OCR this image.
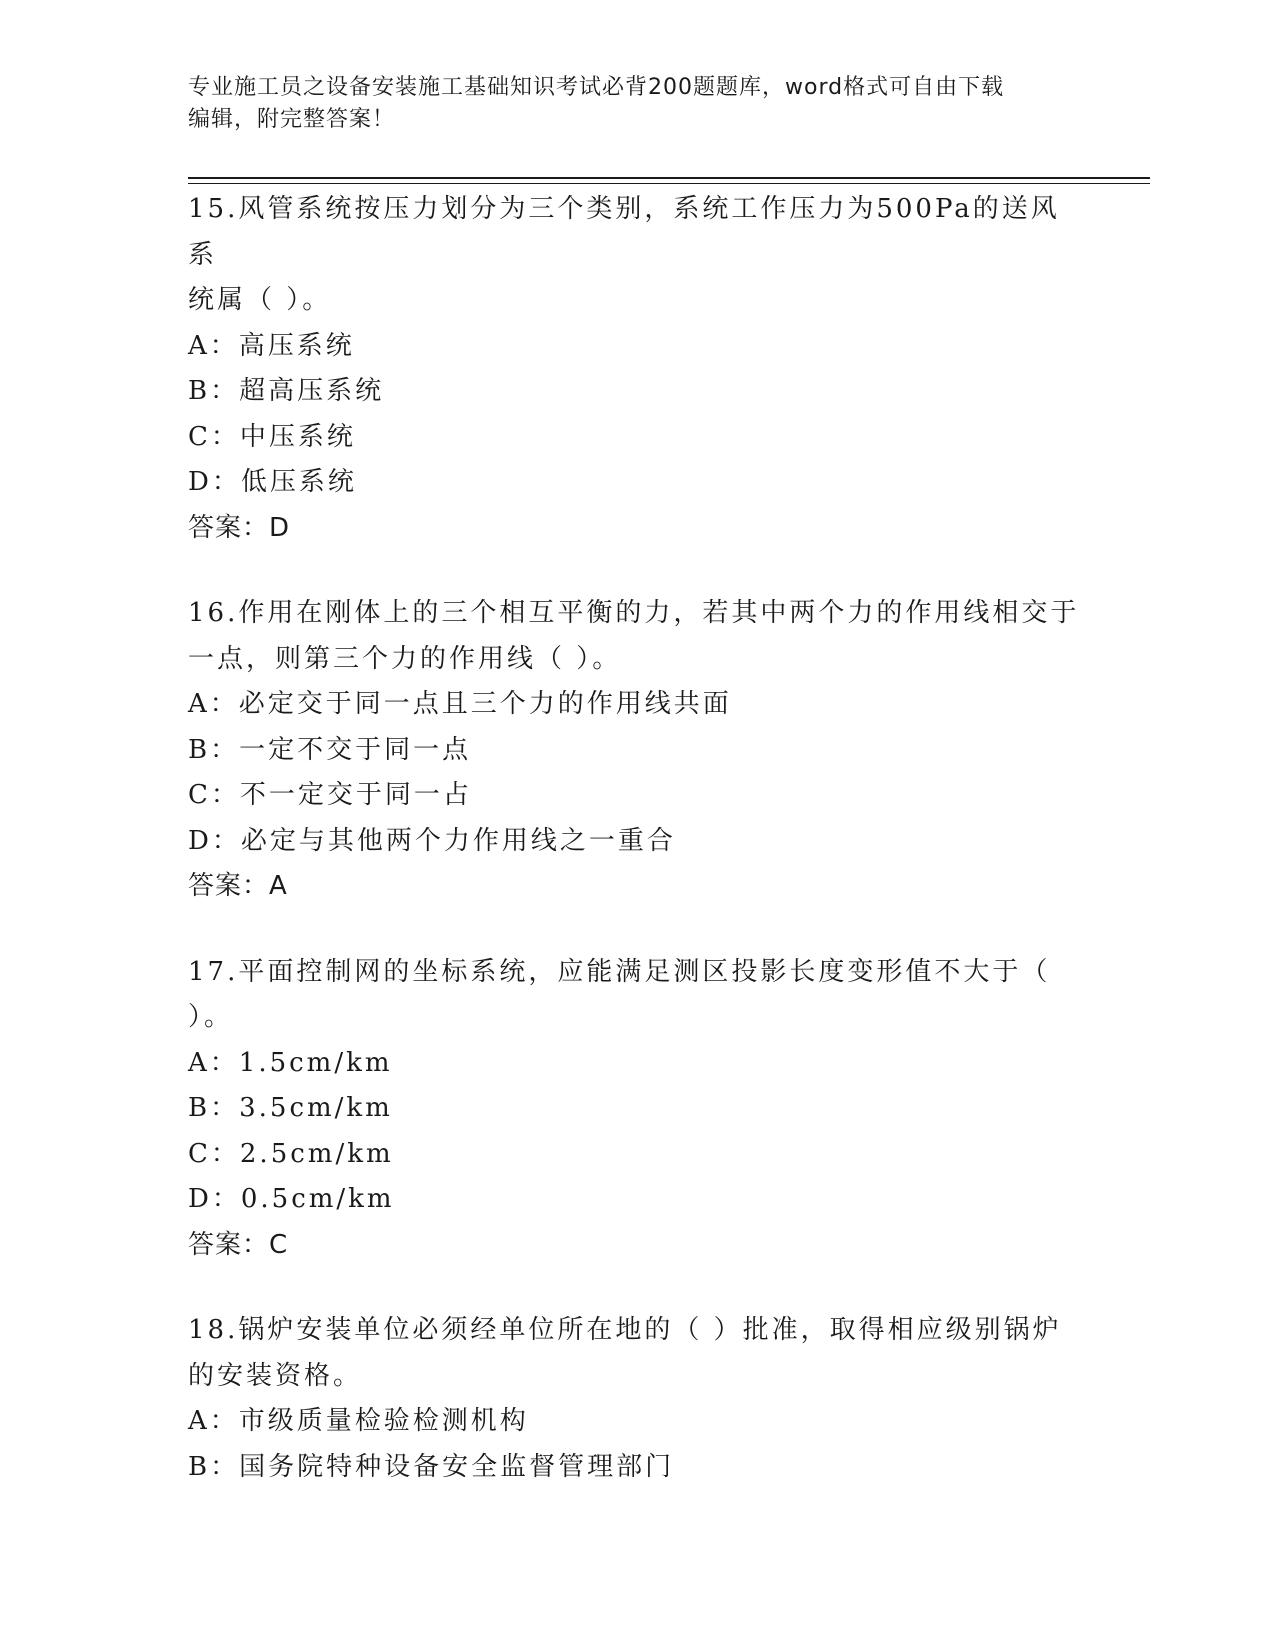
专业施工员之设备安装施工基础知识考试必背200题题库，word格式可自由下载
编辑，附完整答案！
15.风管系统按压力划分为三个类别，系统工作压力为500Pa的送风系
统属（ ）。
A：高压系统
B：超高压系统
C：中压系统
D：低压系统
答案：D
16.作用在刚体上的三个相互平衡的力，若其中两个力的作用线相交于
一点，则第三个力的作用线（ ）。
A：必定交于同一点且三个力的作用线共面
B：一定不交于同一点
C：不一定交于同一占
D：必定与其他两个力作用线之一重合
答案：A
17.平面控制网的坐标系统，应能满足测区投影长度变形值不大于（
）。
A：1.5cm/km
B：3.5cm/km
C：2.5cm/km
D：0.5cm/km
答案：C
18.锅炉安装单位必须经单位所在地的（ ）批准，取得相应级别锅炉
的安装资格。
A：市级质量检验检测机构
B：国务院特种设备安全监督管理部门
